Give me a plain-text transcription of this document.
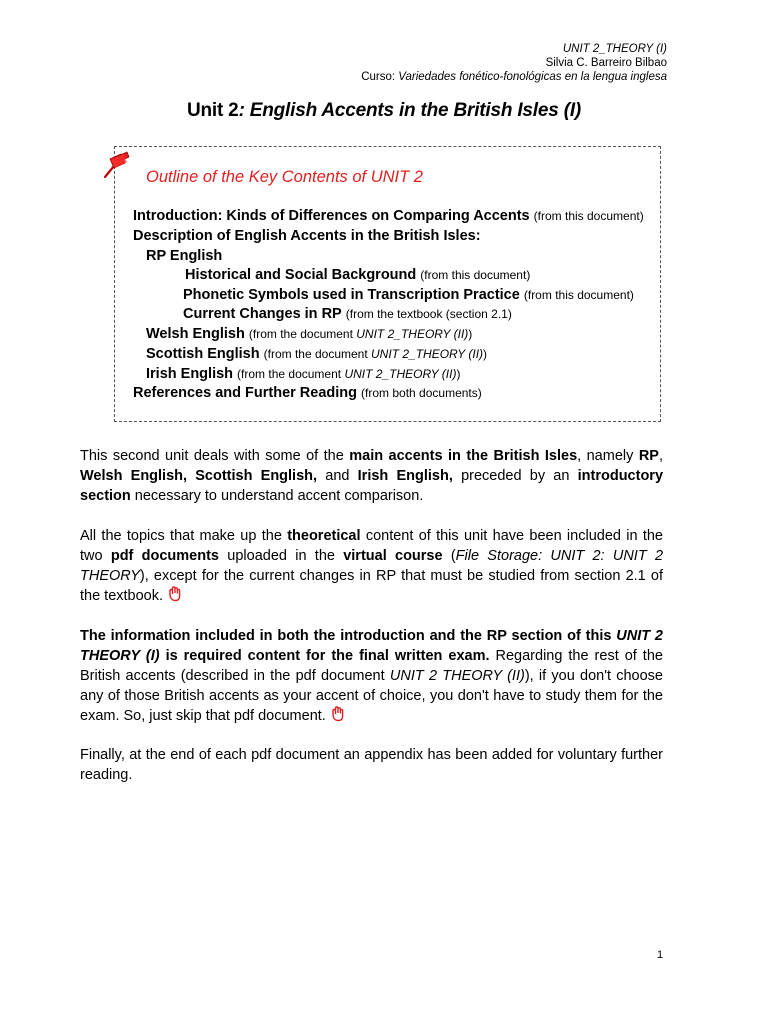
UNIT 2_THEORY (I)
Silvia C. Barreiro Bilbao
Curso: Variedades fonético-fonológicas en la lengua inglesa
Unit 2: English Accents in the British Isles (I)
Outline of the Key Contents of UNIT 2
Introduction: Kinds of Differences on Comparing Accents (from this document)
Description of English Accents in the British Isles:
RP English
Historical and Social Background (from this document)
Phonetic Symbols used in Transcription Practice (from this document)
Current Changes in RP (from the textbook (section 2.1)
Welsh English (from the document UNIT 2_THEORY (II))
Scottish English (from the document UNIT 2_THEORY (II))
Irish English (from the document UNIT 2_THEORY (II))
References and Further Reading (from both documents)

This second unit deals with some of the main accents in the British Isles, namely RP, Welsh English, Scottish English, and Irish English, preceded by an introductory section necessary to understand accent comparison.

All the topics that make up the theoretical content of this unit have been included in the two pdf documents uploaded in the virtual course (File Storage: UNIT 2: UNIT 2 THEORY), except for the current changes in RP that must be studied from section 2.1 of the textbook.

The information included in both the introduction and the RP section of this UNIT 2 THEORY (I) is required content for the final written exam. Regarding the rest of the British accents (described in the pdf document UNIT 2 THEORY (II)), if you don't choose any of those British accents as your accent of choice, you don't have to study them for the exam. So, just skip that pdf document.

Finally, at the end of each pdf document an appendix has been added for voluntary further reading.

1
